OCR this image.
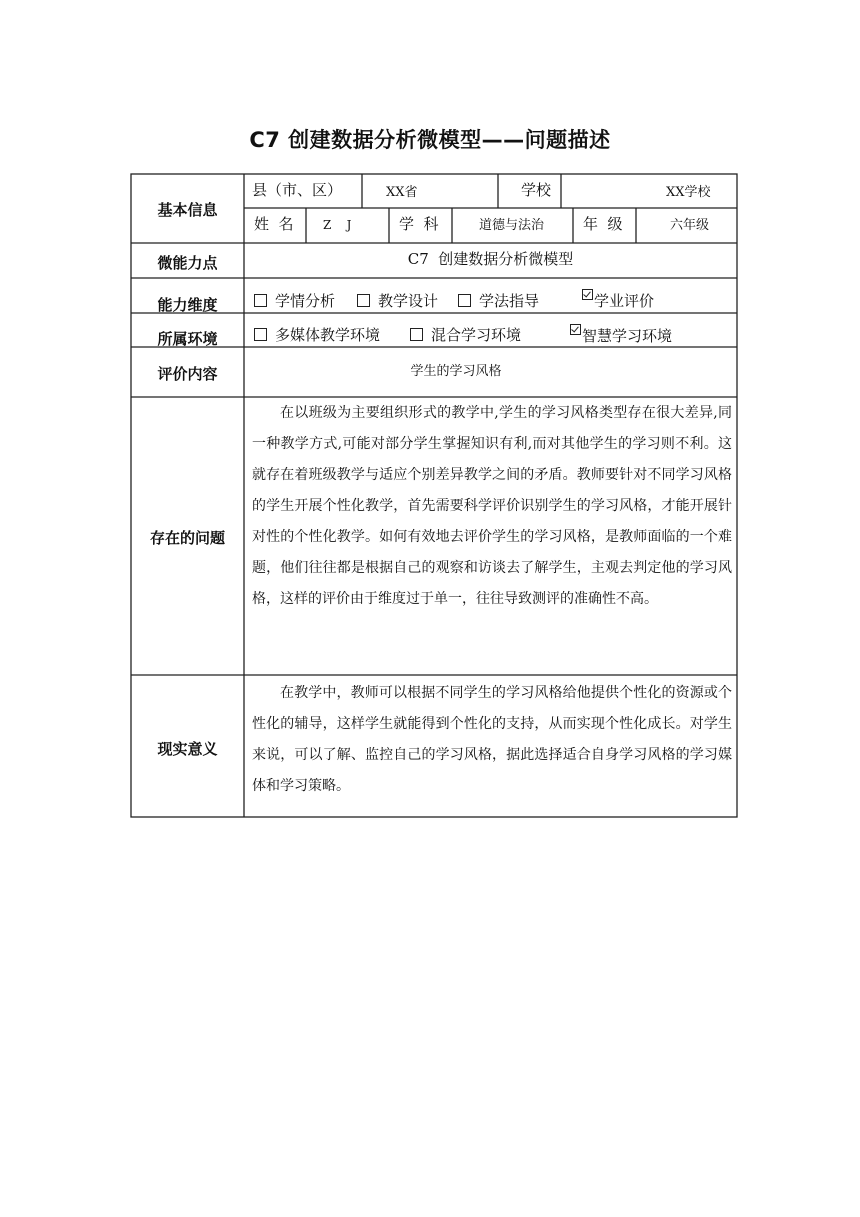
C7 创建数据分析微模型——问题描述
基本信息
县（市、区）	XX省	学校	XX学校
姓  名 Z    J	学  科	道德与法治	年  级	六年级
微能力点	C7  创建数据分析微模型
能力维度	学情分析	教学设计	学法指导	学业评价
所属环境	多媒体教学环境	混合学习环境	智慧学习环境
评价内容	学生的学习风格
存在的问题
在以班级为主要组织形式的教学中,学生的学习风格类型存在很大差异,同一种教学方式,可能对部分学生掌握知识有利,而对其他学生的学习则不利。这就存在着班级教学与适应个别差异教学之间的矛盾。教师要针对不同学习风格的学生开展个性化教学，首先需要科学评价识别学生的学习风格，才能开展针对性的个性化教学。如何有效地去评价学生的学习风格，是教师面临的一个难题，他们往往都是根据自己的观察和访谈去了解学生，主观去判定他的学习风格，这样的评价由于维度过于单一，往往导致测评的准确性不高。
现实意义
在教学中，教师可以根据不同学生的学习风格给他提供个性化的资源或个性化的辅导，这样学生就能得到个性化的支持，从而实现个性化成长。对学生来说，可以了解、监控自己的学习风格，据此选择适合自身学习风格的学习媒体和学习策略。
